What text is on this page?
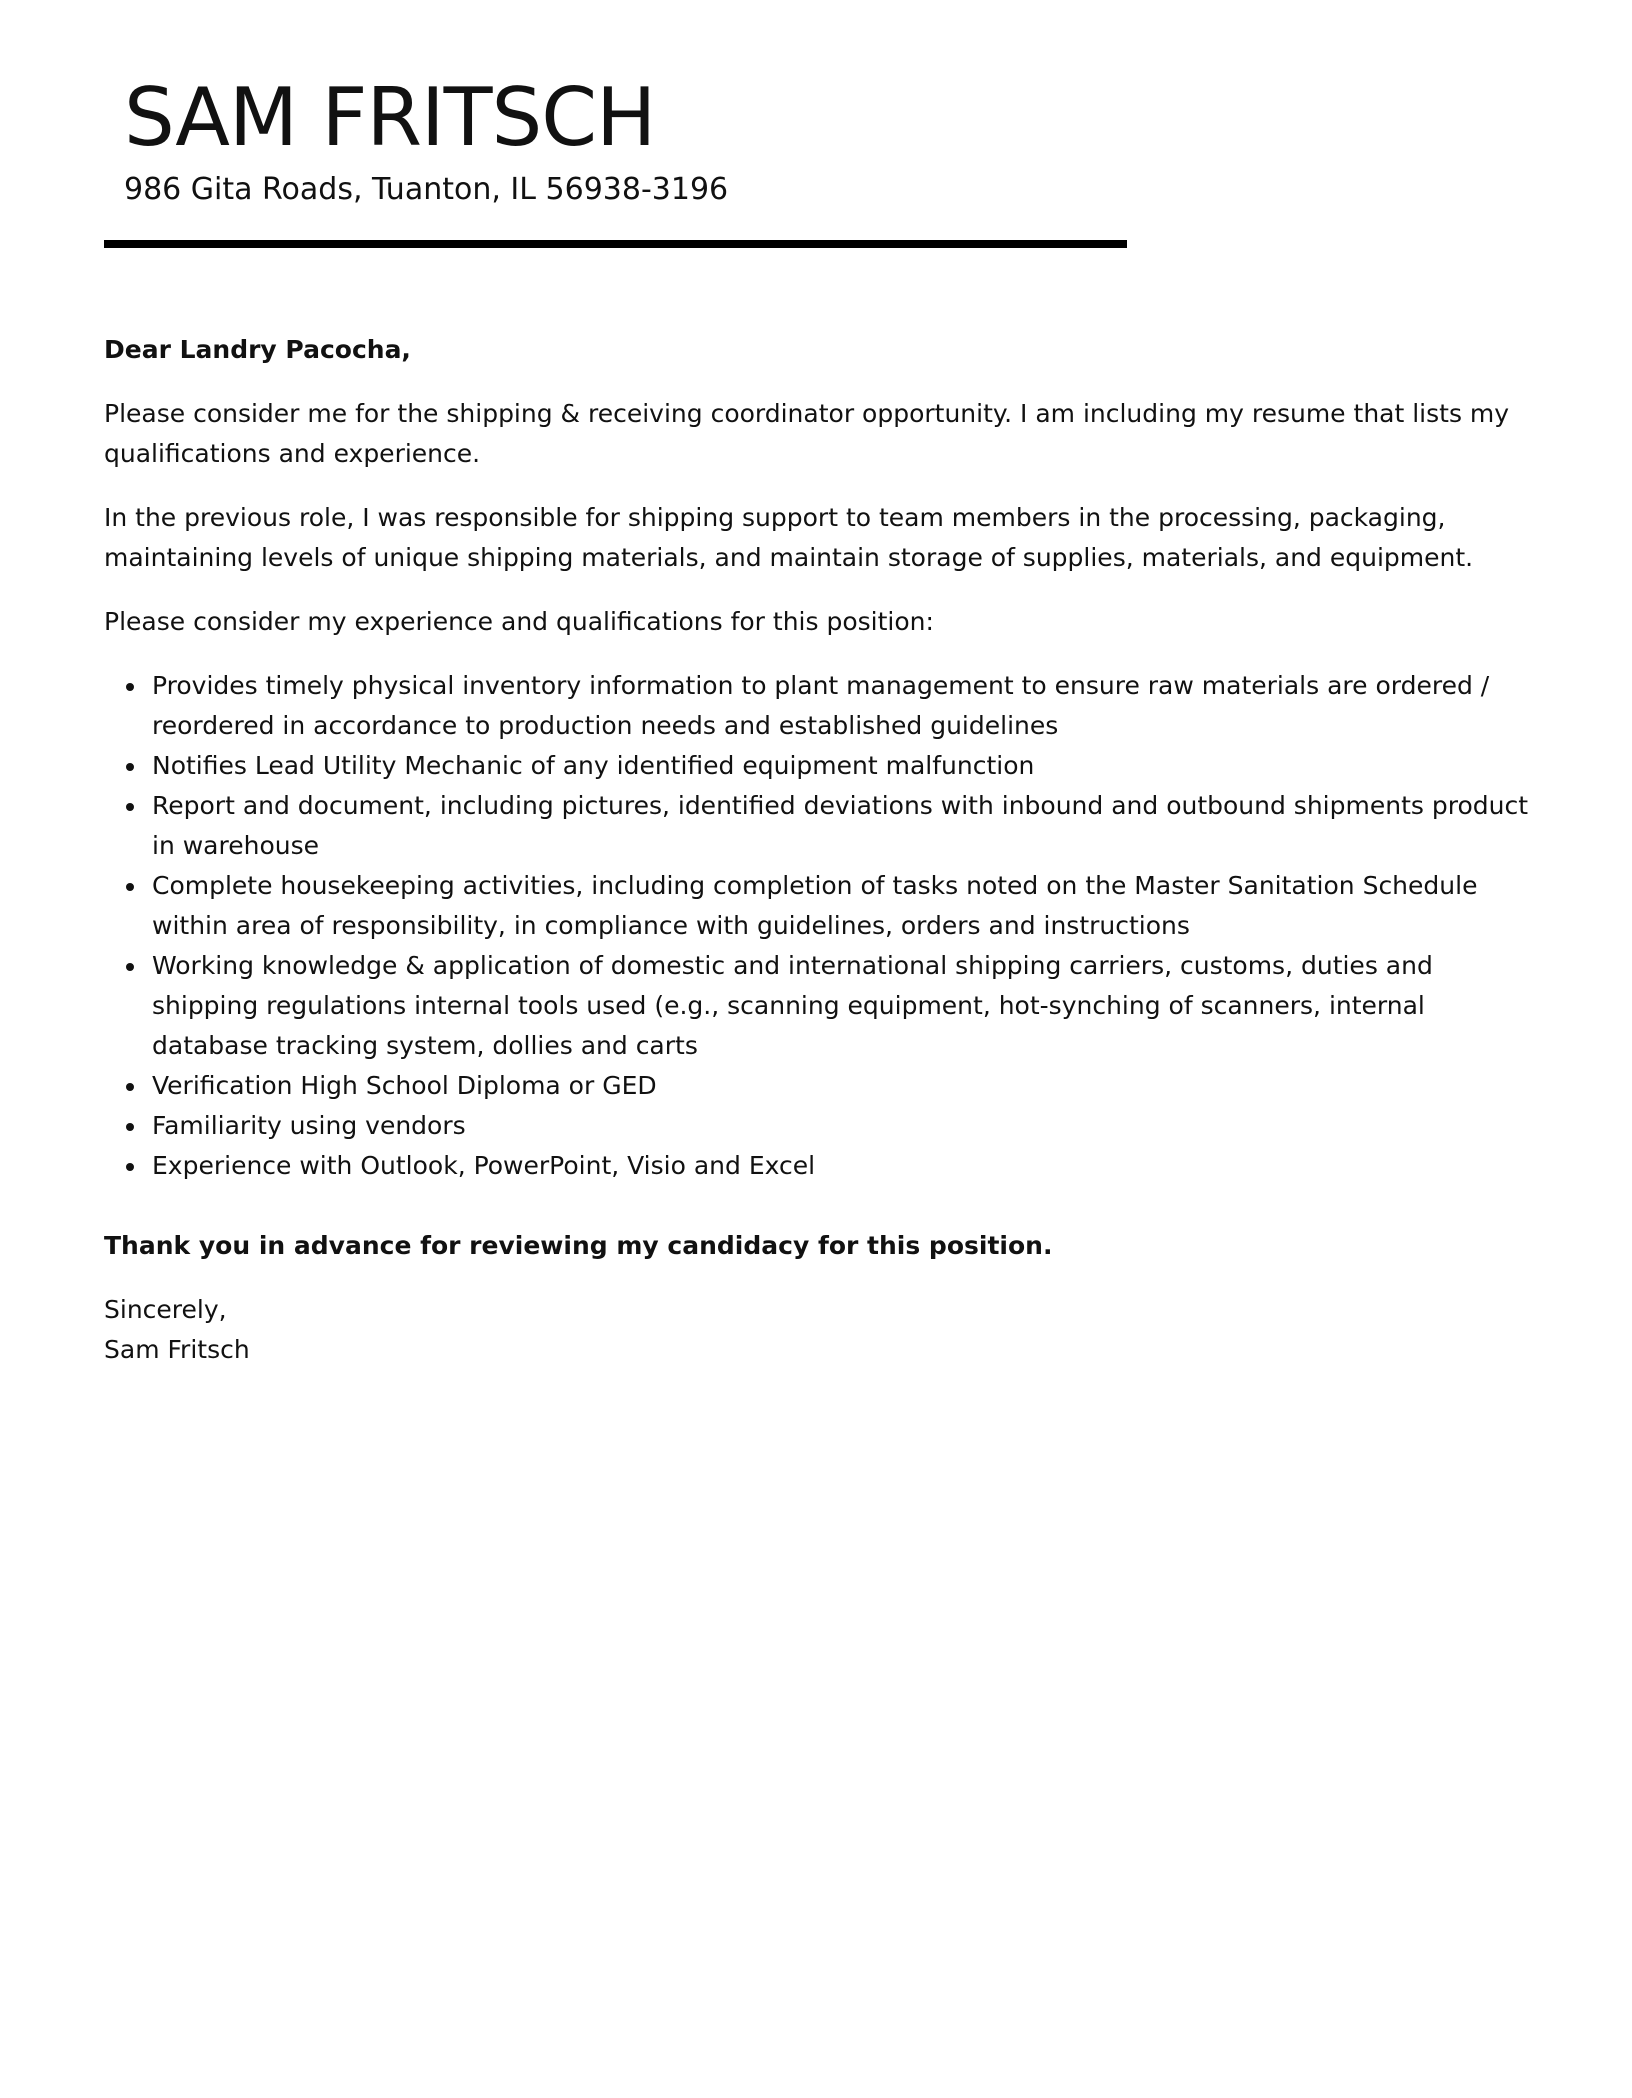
SAM FRITSCH
986 Gita Roads, Tuanton, IL 56938-3196

Dear Landry Pacocha,

Please consider me for the shipping & receiving coordinator opportunity. I am including my resume that lists my qualifications and experience.

In the previous role, I was responsible for shipping support to team members in the processing, packaging, maintaining levels of unique shipping materials, and maintain storage of supplies, materials, and equipment.

Please consider my experience and qualifications for this position:

Provides timely physical inventory information to plant management to ensure raw materials are ordered / reordered in accordance to production needs and established guidelines
Notifies Lead Utility Mechanic of any identified equipment malfunction
Report and document, including pictures, identified deviations with inbound and outbound shipments product in warehouse
Complete housekeeping activities, including completion of tasks noted on the Master Sanitation Schedule within area of responsibility, in compliance with guidelines, orders and instructions
Working knowledge & application of domestic and international shipping carriers, customs, duties and shipping regulations internal tools used (e.g., scanning equipment, hot-synching of scanners, internal database tracking system, dollies and carts
Verification High School Diploma or GED
Familiarity using vendors
Experience with Outlook, PowerPoint, Visio and Excel

Thank you in advance for reviewing my candidacy for this position.

Sincerely,
Sam Fritsch
